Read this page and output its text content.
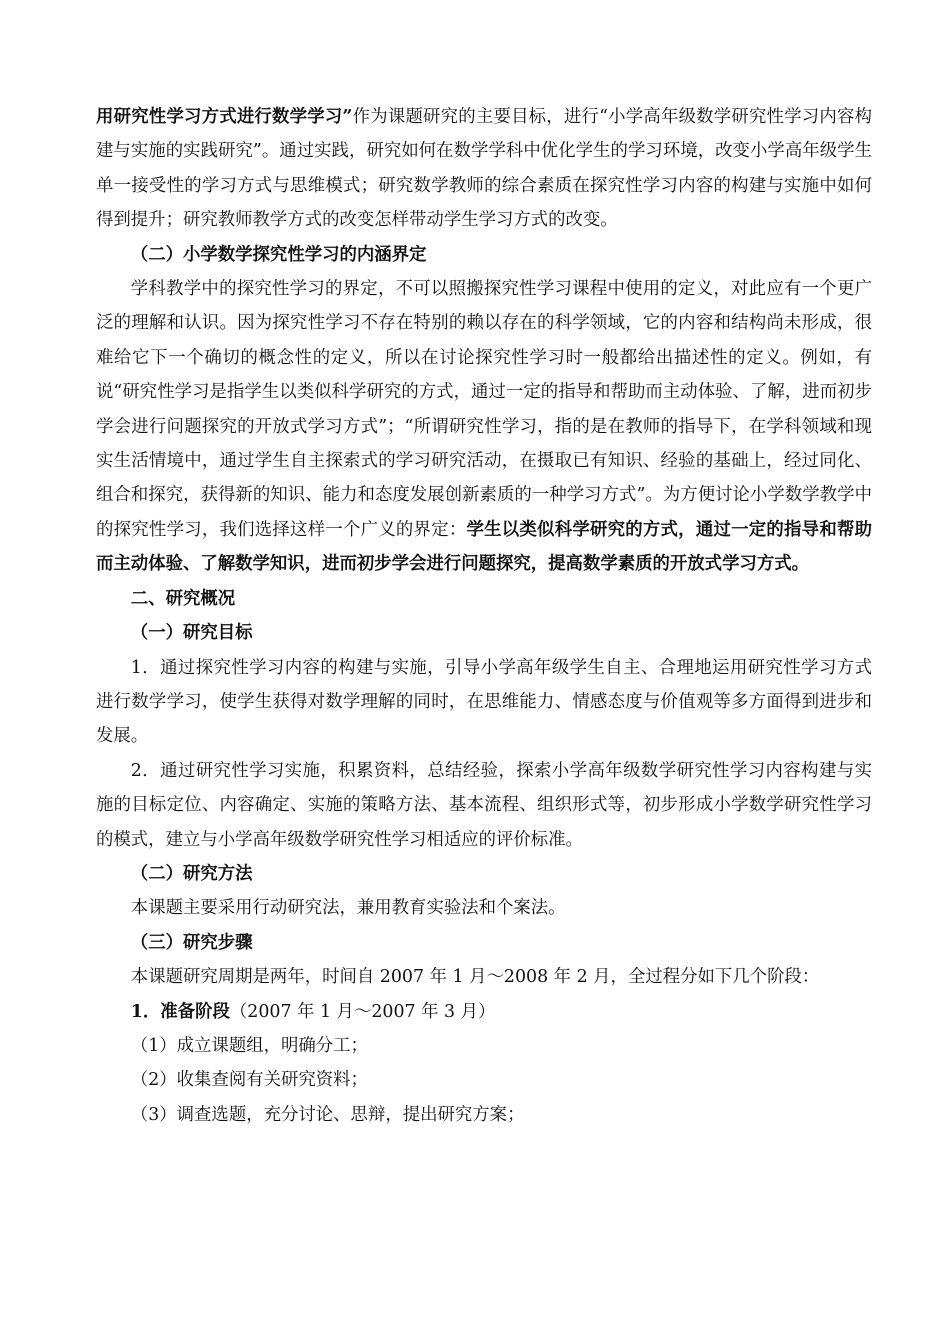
用研究性学习方式进行数学学习”作为课题研究的主要目标，进行“小学高年级数学研究性学习内容构建与实施的实践研究”。通过实践，研究如何在数学学科中优化学生的学习环境，改变小学高年级学生单一接受性的学习方式与思维模式；研究数学教师的综合素质在探究性学习内容的构建与实施中如何得到提升；研究教师教学方式的改变怎样带动学生学习方式的改变。

（二）小学数学探究性学习的内涵界定

学科教学中的探究性学习的界定，不可以照搬探究性学习课程中使用的定义，对此应有一个更广泛的理解和认识。因为探究性学习不存在特别的赖以存在的科学领域，它的内容和结构尚未形成，很难给它下一个确切的概念性的定义，所以在讨论探究性学习时一般都给出描述性的定义。例如，有说“研究性学习是指学生以类似科学研究的方式，通过一定的指导和帮助而主动体验、了解，进而初步学会进行问题探究的开放式学习方式”；“所谓研究性学习，指的是在教师的指导下，在学科领域和现实生活情境中，通过学生自主探索式的学习研究活动，在摄取已有知识、经验的基础上，经过同化、组合和探究，获得新的知识、能力和态度发展创新素质的一种学习方式”。为方便讨论小学数学教学中的探究性学习，我们选择这样一个广义的界定：学生以类似科学研究的方式，通过一定的指导和帮助而主动体验、了解数学知识，进而初步学会进行问题探究，提高数学素质的开放式学习方式。

二、研究概况

（一）研究目标

1．通过探究性学习内容的构建与实施，引导小学高年级学生自主、合理地运用研究性学习方式进行数学学习，使学生获得对数学理解的同时，在思维能力、情感态度与价值观等多方面得到进步和发展。

2．通过研究性学习实施，积累资料，总结经验，探索小学高年级数学研究性学习内容构建与实施的目标定位、内容确定、实施的策略方法、基本流程、组织形式等，初步形成小学数学研究性学习的模式，建立与小学高年级数学研究性学习相适应的评价标准。

（二）研究方法

本课题主要采用行动研究法，兼用教育实验法和个案法。

（三）研究步骤

本课题研究周期是两年，时间自 2007 年 1 月～2008 年 2 月，全过程分如下几个阶段：

1．准备阶段（2007 年 1 月～2007 年 3 月）

（1）成立课题组，明确分工；

（2）收集查阅有关研究资料；

（3）调查选题，充分讨论、思辩，提出研究方案；
